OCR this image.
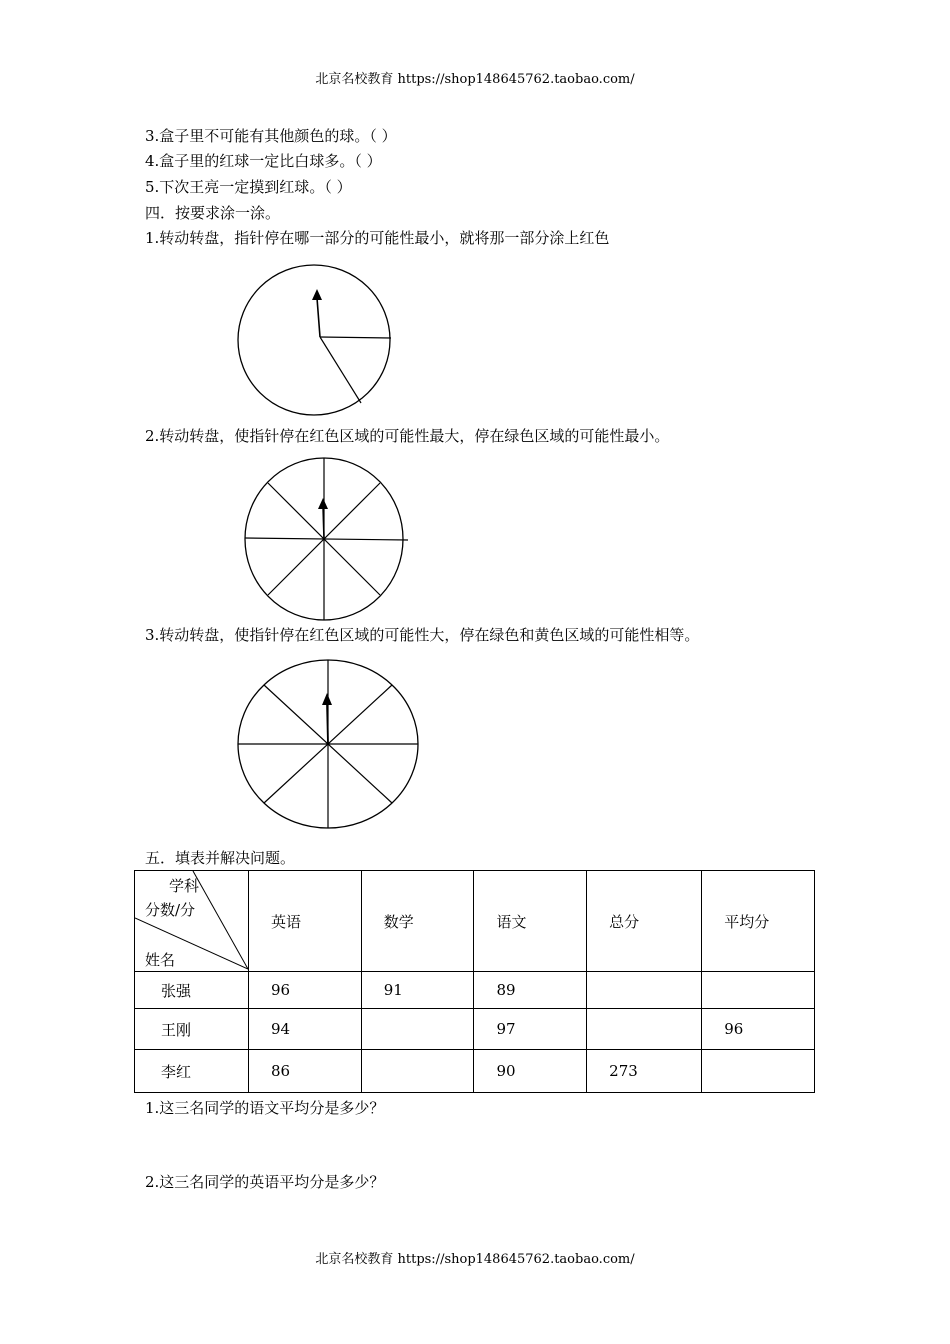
北京名校教育 https://shop148645762.taobao.com/
3.盒子里不可能有其他颜色的球。（ ）
4.盒子里的红球一定比白球多。（ ）
5.下次王亮一定摸到红球。（ ）
四．按要求涂一涂。
1.转动转盘，指针停在哪一部分的可能性最小，就将那一部分涂上红色
2.转动转盘，使指针停在红色区域的可能性最大，停在绿色区域的可能性最小。
3.转动转盘，使指针停在红色区域的可能性大，停在绿色和黄色区域的可能性相等。
五．填表并解决问题。
学科
分数/分
姓名	英语	数学	语文	总分	平均分
张强	96	91	89		
王刚	94		97		96
李红	86		90	273	
1.这三名同学的语文平均分是多少？
2.这三名同学的英语平均分是多少？
北京名校教育 https://shop148645762.taobao.com/
